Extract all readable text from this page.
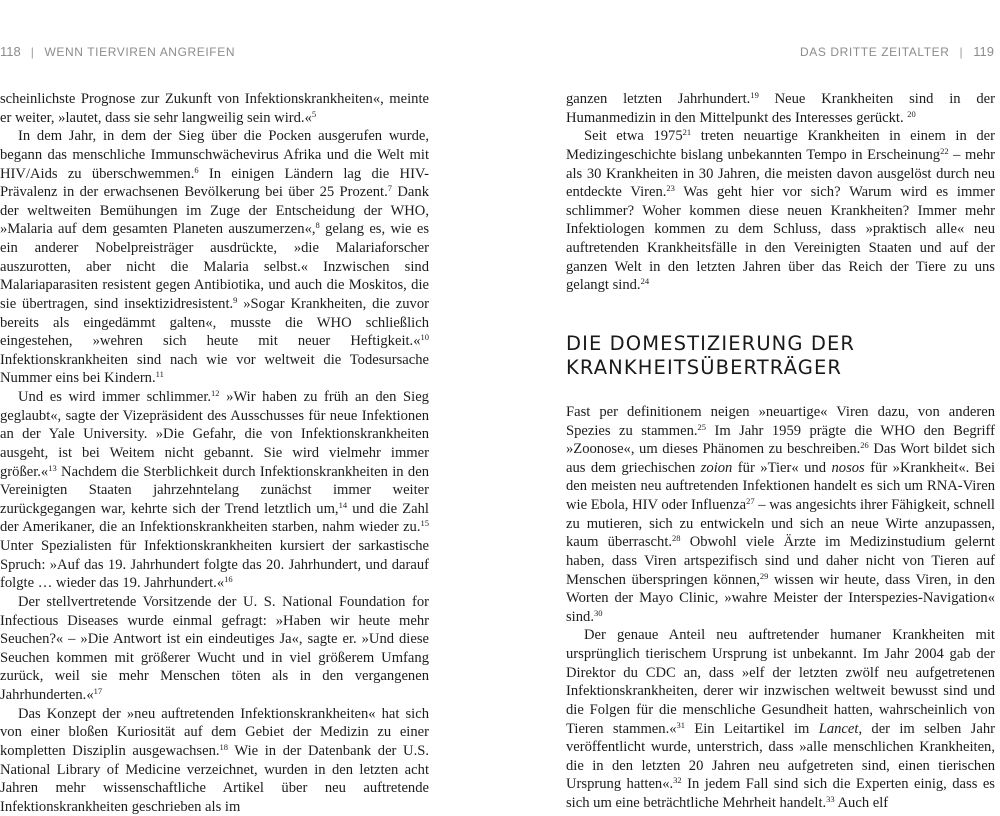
118 | WENN TIERVIREN ANGREIFEN	DAS DRITTE ZEITALTER | 119

scheinlichste Prognose zur Zukunft von Infektionskrankheiten«, meinte er weiter, »lautet, dass sie sehr langweilig sein wird.«$^5$

In dem Jahr, in dem der Sieg über die Pocken ausgerufen wurde, begann das menschliche Immunschwächevirus Afrika und die Welt mit HIV/Aids zu überschwemmen.$^6$ In einigen Ländern lag die HIV-Prävalenz in der erwachsenen Bevölkerung bei über 25 Prozent.$^7$ Dank der weltweiten Bemühungen im Zuge der Entscheidung der WHO, »Malaria auf dem gesamten Planeten auszumerzen«,$^8$ gelang es, wie es ein anderer Nobelpreisträger ausdrückte, »die Malariaforscher auszurotten, aber nicht die Malaria selbst.« Inzwischen sind Malariaparasiten resistent gegen Antibiotika, und auch die Moskitos, die sie übertragen, sind insektizidresistent.$^9$ »Sogar Krankheiten, die zuvor bereits als eingedämmt galten«, musste die WHO schließlich eingestehen, »wehren sich heute mit neuer Heftigkeit.«$^{10}$ Infektionskrankheiten sind nach wie vor weltweit die Todesursache Nummer eins bei Kindern.$^{11}$

Und es wird immer schlimmer.$^{12}$ »Wir haben zu früh an den Sieg geglaubt«, sagte der Vizepräsident des Ausschusses für neue Infektionen an der Yale University. »Die Gefahr, die von Infektionskrankheiten ausgeht, ist bei Weitem nicht gebannt. Sie wird vielmehr immer größer.«$^{13}$ Nachdem die Sterblichkeit durch Infektionskrankheiten in den Vereinigten Staaten jahrzehntelang zunächst immer weiter zurückgegangen war, kehrte sich der Trend letztlich um,$^{14}$ und die Zahl der Amerikaner, die an Infektionskrankheiten starben, nahm wieder zu.$^{15}$ Unter Spezialisten für Infektionskrankheiten kursiert der sarkastische Spruch: »Auf das 19. Jahrhundert folgte das 20. Jahrhundert, und darauf folgte … wieder das 19. Jahrhundert.«$^{16}$

Der stellvertretende Vorsitzende der U. S. National Foundation for Infectious Diseases wurde einmal gefragt: »Haben wir heute mehr Seuchen?« – »Die Antwort ist ein eindeutiges Ja«, sagte er. »Und diese Seuchen kommen mit größerer Wucht und in viel größerem Umfang zurück, weil sie mehr Menschen töten als in den vergangenen Jahrhunderten.«$^{17}$

Das Konzept der »neu auftretenden Infektionskrankheiten« hat sich von einer bloßen Kuriosität auf dem Gebiet der Medizin zu einer kompletten Disziplin ausgewachsen.$^{18}$ Wie in der Datenbank der U.S. National Library of Medicine verzeichnet, wurden in den letzten acht Jahren mehr wissenschaftliche Artikel über neu auftretende Infektionskrankheiten geschrieben als im

ganzen letzten Jahrhundert.$^{19}$ Neue Krankheiten sind in der Humanmedizin in den Mittelpunkt des Interesses gerückt. $^{20}$

Seit etwa 1975$^{21}$ treten neuartige Krankheiten in einem in der Medizingeschichte bislang unbekannten Tempo in Erscheinung$^{22}$ – mehr als 30 Krankheiten in 30 Jahren, die meisten davon ausgelöst durch neu entdeckte Viren.$^{23}$ Was geht hier vor sich? Warum wird es immer schlimmer? Woher kommen diese neuen Krankheiten? Immer mehr Infektiologen kommen zu dem Schluss, dass »praktisch alle« neu auftretenden Krankheitsfälle in den Vereinigten Staaten und auf der ganzen Welt in den letzten Jahren über das Reich der Tiere zu uns gelangt sind.$^{24}$

DIE DOMESTIZIERUNG DER
KRANKHEITSÜBERTRÄGER

Fast per definitionem neigen »neuartige« Viren dazu, von anderen Spezies zu stammen.$^{25}$ Im Jahr 1959 prägte die WHO den Begriff »Zoonose«, um dieses Phänomen zu beschreiben.$^{26}$ Das Wort bildet sich aus dem griechischen zoion für »Tier« und nosos für »Krankheit«. Bei den meisten neu auftretenden Infektionen handelt es sich um RNA-Viren wie Ebola, HIV oder Influenza$^{27}$ – was angesichts ihrer Fähigkeit, schnell zu mutieren, sich zu entwickeln und sich an neue Wirte anzupassen, kaum überrascht.$^{28}$ Obwohl viele Ärzte im Medizinstudium gelernt haben, dass Viren artspezifisch sind und daher nicht von Tieren auf Menschen überspringen können,$^{29}$ wissen wir heute, dass Viren, in den Worten der Mayo Clinic, »wahre Meister der Interspezies-Navigation« sind.$^{30}$

Der genaue Anteil neu auftretender humaner Krankheiten mit ursprünglich tierischem Ursprung ist unbekannt. Im Jahr 2004 gab der Direktor du CDC an, dass »elf der letzten zwölf neu aufgetretenen Infektionskrankheiten, derer wir inzwischen weltweit bewusst sind und die Folgen für die menschliche Gesundheit hatten, wahrscheinlich von Tieren stammen.«$^{31}$ Ein Leitartikel im Lancet, der im selben Jahr veröffentlicht wurde, unterstrich, dass »alle menschlichen Krankheiten, die in den letzten 20 Jahren neu aufgetreten sind, einen tierischen Ursprung hatten«.$^{32}$ In jedem Fall sind sich die Experten einig, dass es sich um eine beträchtliche Mehrheit handelt.$^{33}$ Auch elf
